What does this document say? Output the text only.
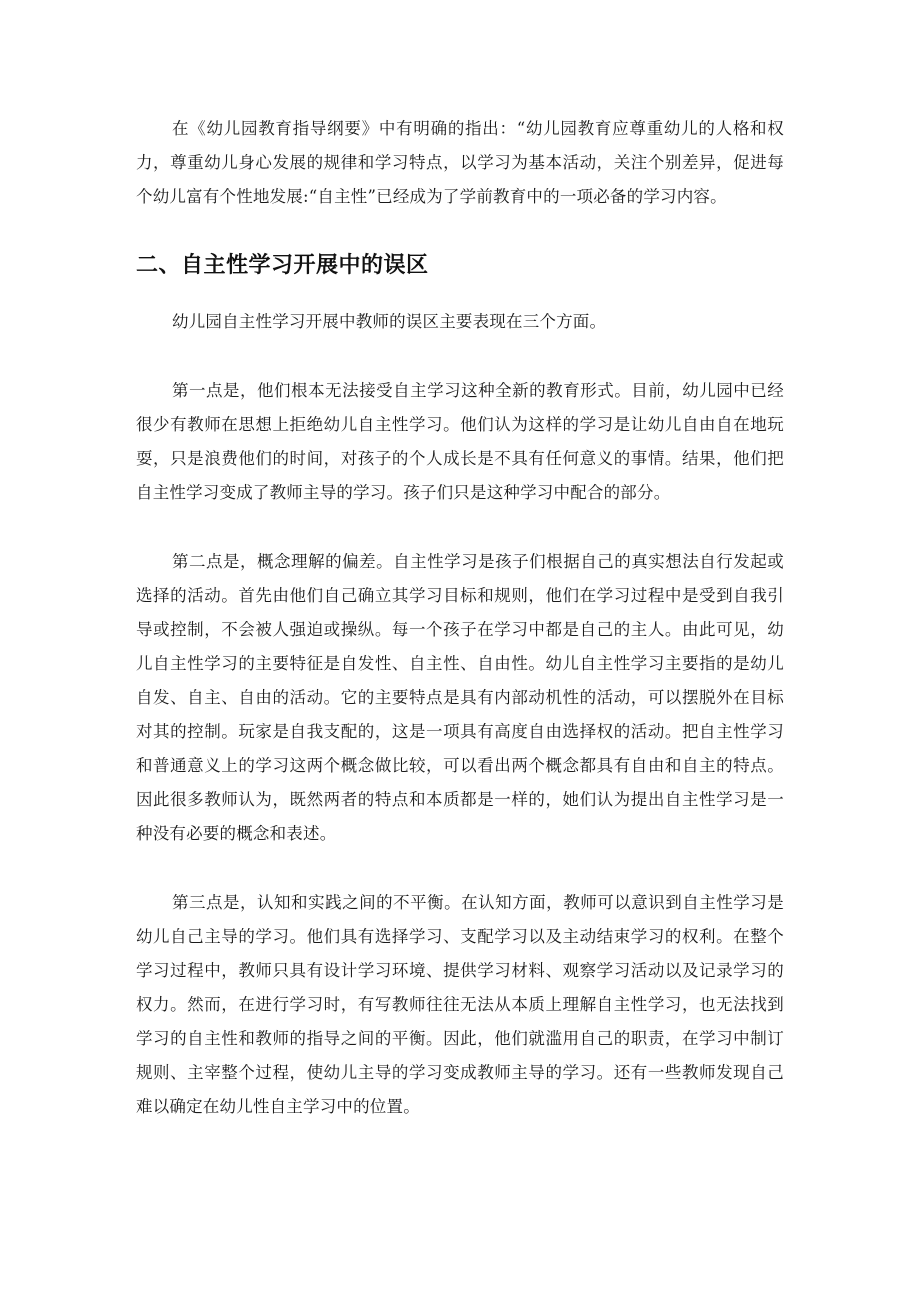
在《幼儿园教育指导纲要》中有明确的指出：“幼儿园教育应尊重幼儿的人格和权力，尊重幼儿身心发展的规律和学习特点，以学习为基本活动，关注个别差异，促进每个幼儿富有个性地发展:“自主性”已经成为了学前教育中的一项必备的学习内容。

二、自主性学习开展中的误区

幼儿园自主性学习开展中教师的误区主要表现在三个方面。

第一点是，他们根本无法接受自主学习这种全新的教育形式。目前，幼儿园中已经很少有教师在思想上拒绝幼儿自主性学习。他们认为这样的学习是让幼儿自由自在地玩耍，只是浪费他们的时间，对孩子的个人成长是不具有任何意义的事情。结果，他们把自主性学习变成了教师主导的学习。孩子们只是这种学习中配合的部分。

第二点是，概念理解的偏差。自主性学习是孩子们根据自己的真实想法自行发起或选择的活动。首先由他们自己确立其学习目标和规则，他们在学习过程中是受到自我引导或控制，不会被人强迫或操纵。每一个孩子在学习中都是自己的主人。由此可见，幼儿自主性学习的主要特征是自发性、自主性、自由性。幼儿自主性学习主要指的是幼儿自发、自主、自由的活动。它的主要特点是具有内部动机性的活动，可以摆脱外在目标对其的控制。玩家是自我支配的，这是一项具有高度自由选择权的活动。把自主性学习和普通意义上的学习这两个概念做比较，可以看出两个概念都具有自由和自主的特点。因此很多教师认为，既然两者的特点和本质都是一样的，她们认为提出自主性学习是一种没有必要的概念和表述。

第三点是，认知和实践之间的不平衡。在认知方面，教师可以意识到自主性学习是幼儿自己主导的学习。他们具有选择学习、支配学习以及主动结束学习的权利。在整个学习过程中，教师只具有设计学习环境、提供学习材料、观察学习活动以及记录学习的权力。然而，在进行学习时，有写教师往往无法从本质上理解自主性学习，也无法找到学习的自主性和教师的指导之间的平衡。因此，他们就滥用自己的职责，在学习中制订规则、主宰整个过程，使幼儿主导的学习变成教师主导的学习。还有一些教师发现自己难以确定在幼儿性自主学习中的位置。
